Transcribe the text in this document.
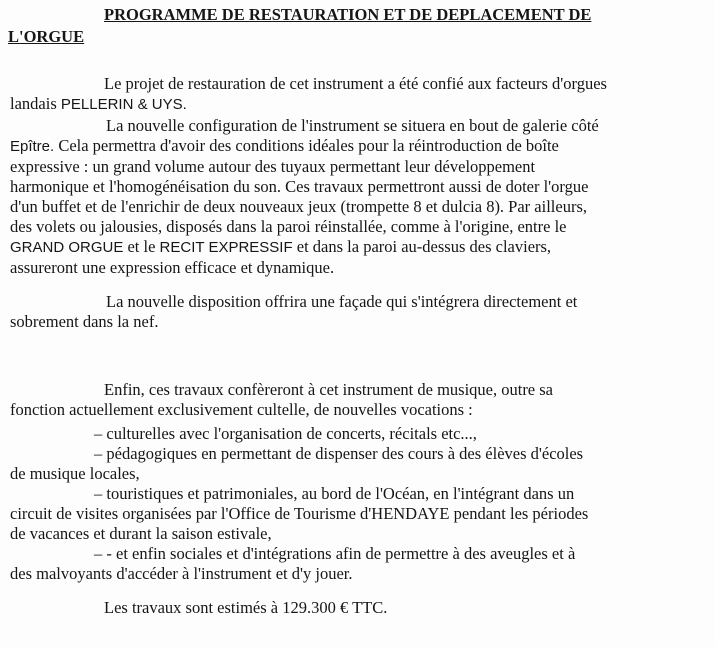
PROGRAMME DE RESTAURATION ET DE DEPLACEMENT DE
L'ORGUE

Le projet de restauration de cet instrument a été confié aux facteurs d'orgues
landais PELLERIN & UYS.

La nouvelle configuration de l'instrument se situera en bout de galerie côté
Epître. Cela permettra d'avoir des conditions idéales pour la réintroduction de boîte
expressive : un grand volume autour des tuyaux permettant leur développement
harmonique et l'homogénéisation du son. Ces travaux permettront aussi de doter l'orgue
d'un buffet et de l'enrichir de deux nouveaux jeux (trompette 8 et dulcia 8). Par ailleurs,
des volets ou jalousies, disposés dans la paroi réinstallée, comme à l'origine, entre le
GRAND ORGUE et le RECIT EXPRESSIF et dans la paroi au-dessus des claviers,
assureront une expression efficace et dynamique.

La nouvelle disposition offrira une façade qui s'intégrera directement et
sobrement dans la nef.

Enfin, ces travaux confèreront à cet instrument de musique, outre sa
fonction actuellement exclusivement cultelle, de nouvelles vocations :

– culturelles avec l'organisation de concerts, récitals etc...,
– pédagogiques en permettant de dispenser des cours à des élèves d'écoles
de musique locales,
– touristiques et patrimoniales, au bord de l'Océan, en l'intégrant dans un
circuit de visites organisées par l'Office de Tourisme d'HENDAYE pendant les périodes
de vacances et durant la saison estivale,
– - et enfin sociales et d'intégrations afin de permettre à des aveugles et à
des malvoyants d'accéder à l'instrument et d'y jouer.

Les travaux sont estimés à 129.300 € TTC.
